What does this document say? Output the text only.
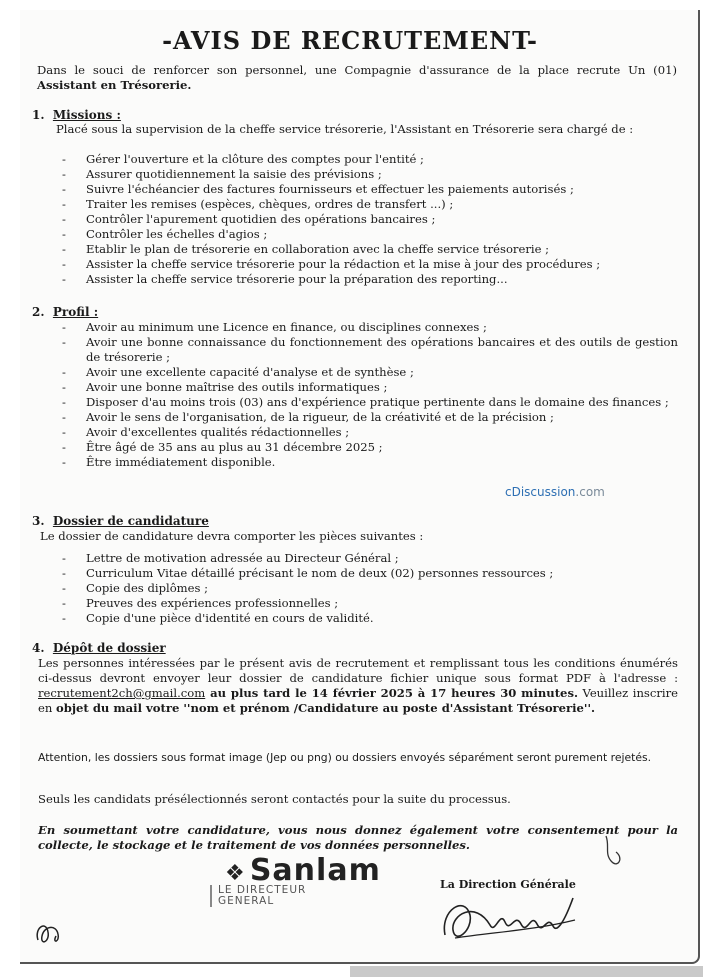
-AVIS DE RECRUTEMENT-
Dans le souci de renforcer son personnel, une Compagnie d'assurance de la place recrute Un (01) Assistant en Trésorerie.
1. Missions :
Placé sous la supervision de la cheffe service trésorerie, l'Assistant en Trésorerie sera chargé de :
- Gérer l'ouverture et la clôture des comptes pour l'entité ;
- Assurer quotidiennement la saisie des prévisions ;
- Suivre l'échéancier des factures fournisseurs et effectuer les paiements autorisés ;
- Traiter les remises (espèces, chèques, ordres de transfert ...) ;
- Contrôler l'apurement quotidien des opérations bancaires ;
- Contrôler les échelles d'agios ;
- Etablir le plan de trésorerie en collaboration avec la cheffe service trésorerie ;
- Assister la cheffe service trésorerie pour la rédaction et la mise à jour des procédures ;
- Assister la cheffe service trésorerie pour la préparation des reporting...
2. Profil :
- Avoir au minimum une Licence en finance, ou disciplines connexes ;
- Avoir une bonne connaissance du fonctionnement des opérations bancaires et des outils de gestion de trésorerie ;
- Avoir une excellente capacité d'analyse et de synthèse ;
- Avoir une bonne maîtrise des outils informatiques ;
- Disposer d'au moins trois (03) ans d'expérience pratique pertinente dans le domaine des finances ;
- Avoir le sens de l'organisation, de la rigueur, de la créativité et de la précision ;
- Avoir d'excellentes qualités rédactionnelles ;
- Être âgé de 35 ans au plus au 31 décembre 2025 ;
- Être immédiatement disponible.
cDiscussion.com
3. Dossier de candidature
Le dossier de candidature devra comporter les pièces suivantes :
- Lettre de motivation adressée au Directeur Général ;
- Curriculum Vitae détaillé précisant le nom de deux (02) personnes ressources ;
- Copie des diplômes ;
- Preuves des expériences professionnelles ;
- Copie d'une pièce d'identité en cours de validité.
4. Dépôt de dossier
Les personnes intéressées par le présent avis de recrutement et remplissant tous les conditions énumérés ci-dessus devront envoyer leur dossier de candidature fichier unique sous format PDF à l'adresse : recrutement2ch@gmail.com au plus tard le 14 février 2025 à 17 heures 30 minutes. Veuillez inscrire en objet du mail votre ''nom et prénom /Candidature au poste d'Assistant Trésorerie''.
Attention, les dossiers sous format image (Jep ou png) ou dossiers envoyés séparément seront purement rejetés.
Seuls les candidats présélectionnés seront contactés pour la suite du processus.
En soumettant votre candidature, vous nous donnez également votre consentement pour la collecte, le stockage et le traitement de vos données personnelles.
❖ Sanlam
LE DIRECTEUR
GENERAL
La Direction Générale
